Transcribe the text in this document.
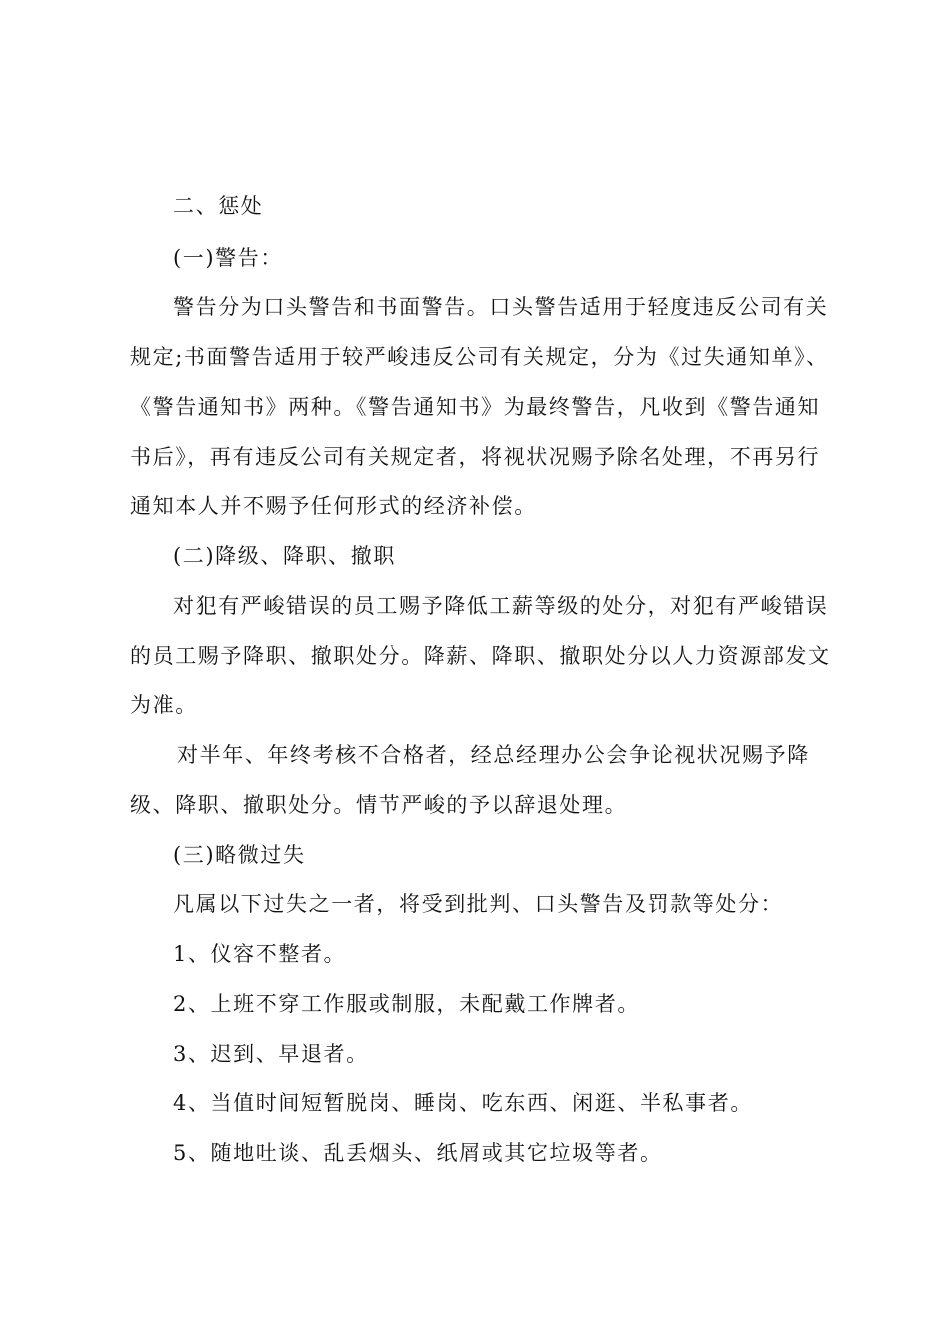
二、惩处
(一)警告：
警告分为口头警告和书面警告。口头警告适用于轻度违反公司有关
规定;书面警告适用于较严峻违反公司有关规定，分为《过失通知单》、
《警告通知书》两种。《警告通知书》为最终警告，凡收到《警告通知
书后》，再有违反公司有关规定者，将视状况赐予除名处理，不再另行
通知本人并不赐予任何形式的经济补偿。
(二)降级、降职、撤职
对犯有严峻错误的员工赐予降低工薪等级的处分，对犯有严峻错误
的员工赐予降职、撤职处分。降薪、降职、撤职处分以人力资源部发文
为准。
对半年、年终考核不合格者，经总经理办公会争论视状况赐予降
级、降职、撤职处分。情节严峻的予以辞退处理。
(三)略微过失
凡属以下过失之一者，将受到批判、口头警告及罚款等处分：
1、仪容不整者。
2、上班不穿工作服或制服，未配戴工作牌者。
3、迟到、早退者。
4、当值时间短暂脱岗、睡岗、吃东西、闲逛、半私事者。
5、随地吐谈、乱丢烟头、纸屑或其它垃圾等者。
